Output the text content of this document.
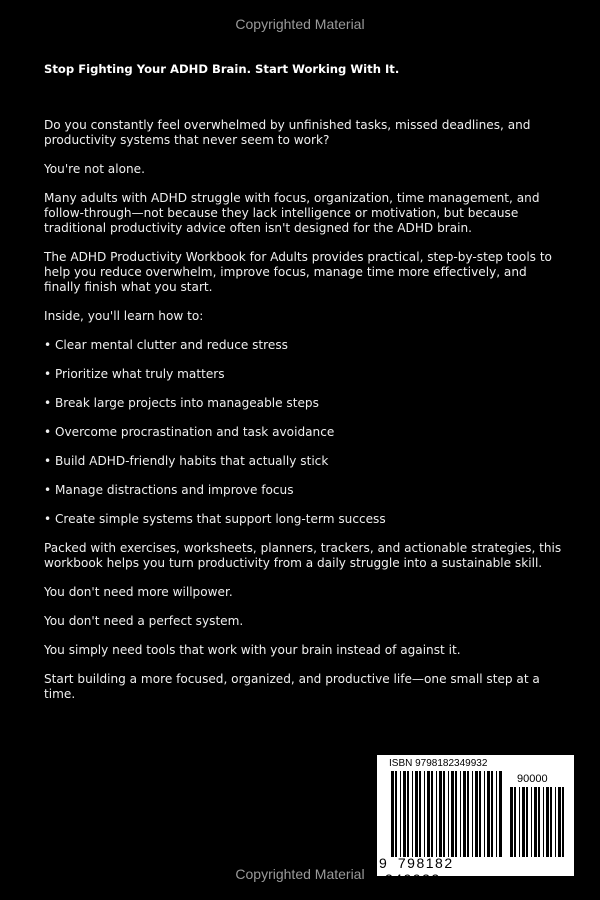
Copyrighted Material
Stop Fighting Your ADHD Brain. Start Working With It.

Do you constantly feel overwhelmed by unfinished tasks, missed deadlines, and productivity systems that never seem to work?

You're not alone.

Many adults with ADHD struggle with focus, organization, time management, and follow-through—not because they lack intelligence or motivation, but because traditional productivity advice often isn't designed for the ADHD brain.

The ADHD Productivity Workbook for Adults provides practical, step-by-step tools to help you reduce overwhelm, improve focus, manage time more effectively, and finally finish what you start.

Inside, you'll learn how to:

• Clear mental clutter and reduce stress

• Prioritize what truly matters

• Break large projects into manageable steps

• Overcome procrastination and task avoidance

• Build ADHD-friendly habits that actually stick

• Manage distractions and improve focus

• Create simple systems that support long-term success

Packed with exercises, worksheets, planners, trackers, and actionable strategies, this workbook helps you turn productivity from a daily struggle into a sustainable skill.

You don't need more willpower.

You don't need a perfect system.

You simply need tools that work with your brain instead of against it.

Start building a more focused, organized, and productive life—one small step at a time.

ISBN 9798182349932
90000
9 798182 349932
Copyrighted Material
